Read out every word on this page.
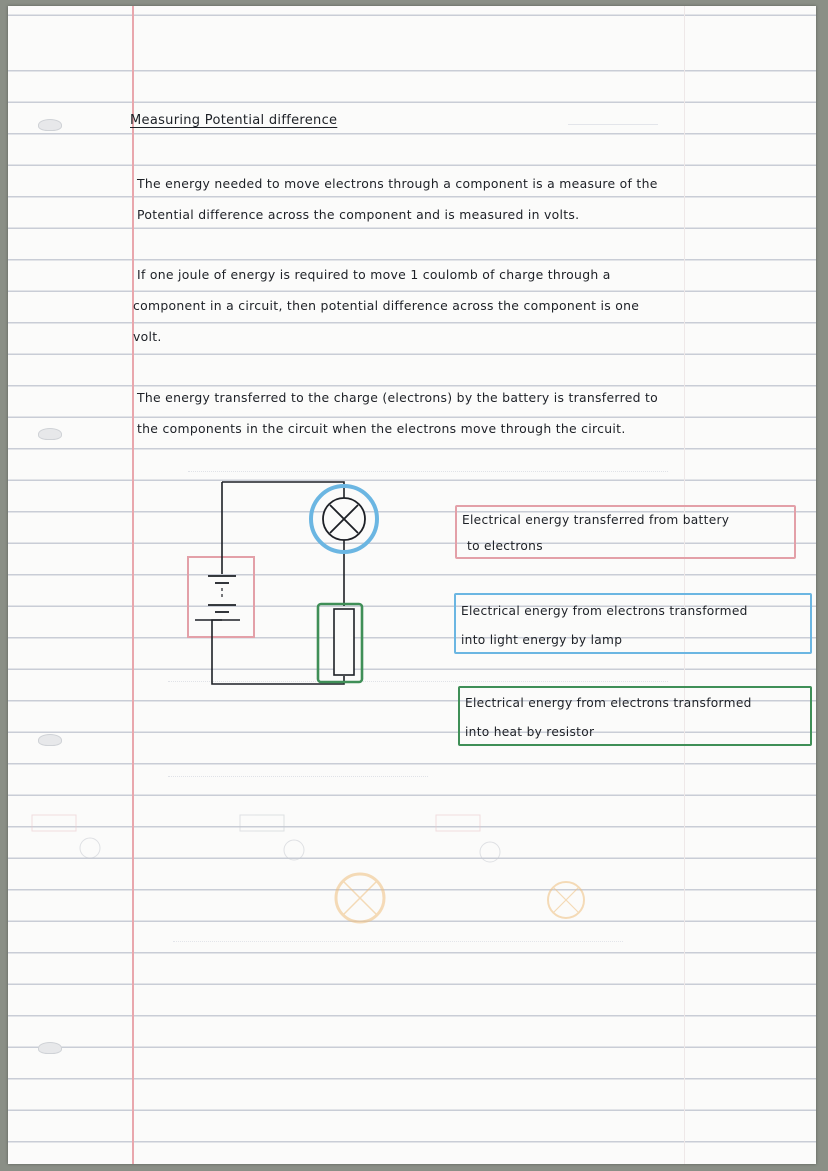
Measuring Potential difference
The energy needed to move electrons through a component is a measure of the
Potential difference across the component and is measured in volts.
If one joule of energy is required to move 1 coulomb of charge through a
component in a circuit, then potential difference across the component is one
volt.
The energy transferred to the charge (electrons) by the battery is transferred to
the components in the circuit when the electrons move through the circuit.
Electrical energy transferred from battery
to electrons
Electrical energy from electrons transformed
into light energy by lamp
Electrical energy from electrons transformed
into heat by resistor
